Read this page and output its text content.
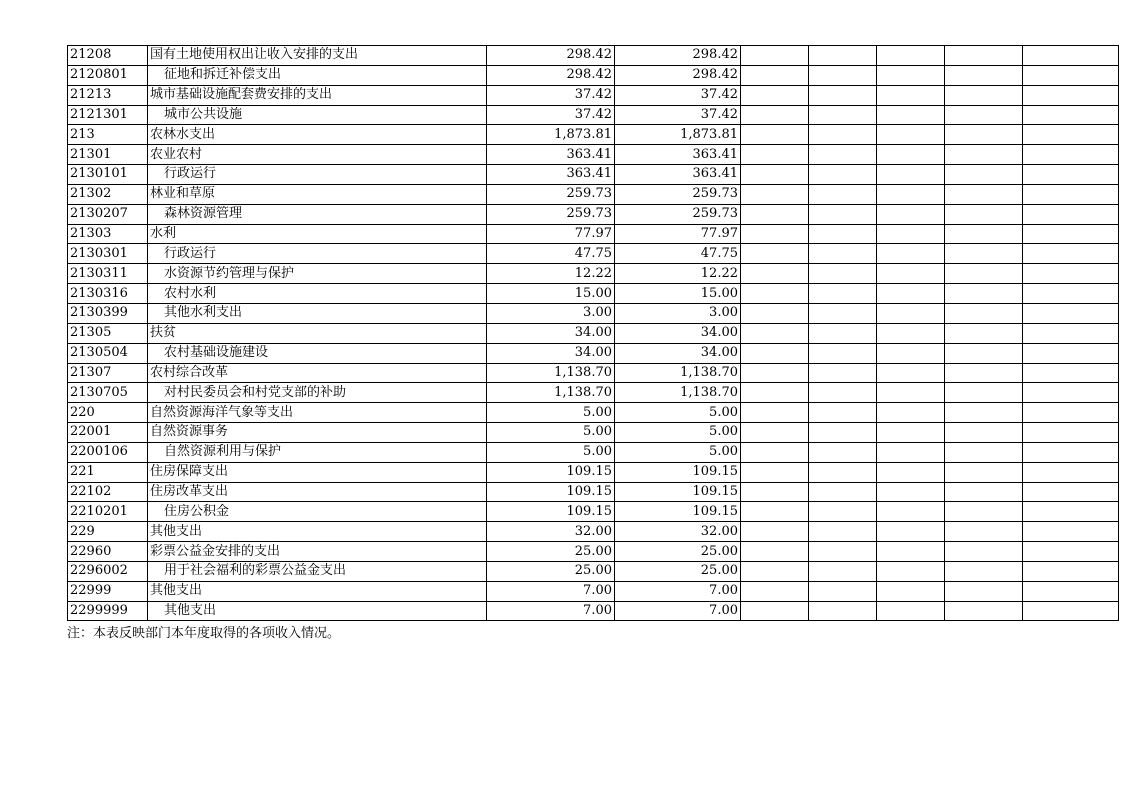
21208	国有土地使用权出让收入安排的支出	298.42	298.42					
2120801	征地和拆迁补偿支出	298.42	298.42					
21213	城市基础设施配套费安排的支出	37.42	37.42					
2121301	城市公共设施	37.42	37.42					
213	农林水支出	1,873.81	1,873.81					
21301	农业农村	363.41	363.41					
2130101	行政运行	363.41	363.41					
21302	林业和草原	259.73	259.73					
2130207	森林资源管理	259.73	259.73					
21303	水利	77.97	77.97					
2130301	行政运行	47.75	47.75					
2130311	水资源节约管理与保护	12.22	12.22					
2130316	农村水利	15.00	15.00					
2130399	其他水利支出	3.00	3.00					
21305	扶贫	34.00	34.00					
2130504	农村基础设施建设	34.00	34.00					
21307	农村综合改革	1,138.70	1,138.70					
2130705	对村民委员会和村党支部的补助	1,138.70	1,138.70					
220	自然资源海洋气象等支出	5.00	5.00					
22001	自然资源事务	5.00	5.00					
2200106	自然资源利用与保护	5.00	5.00					
221	住房保障支出	109.15	109.15					
22102	住房改革支出	109.15	109.15					
2210201	住房公积金	109.15	109.15					
229	其他支出	32.00	32.00					
22960	彩票公益金安排的支出	25.00	25.00					
2296002	用于社会福利的彩票公益金支出	25.00	25.00					
22999	其他支出	7.00	7.00					
2299999	其他支出	7.00	7.00					
注：本表反映部门本年度取得的各项收入情况。
